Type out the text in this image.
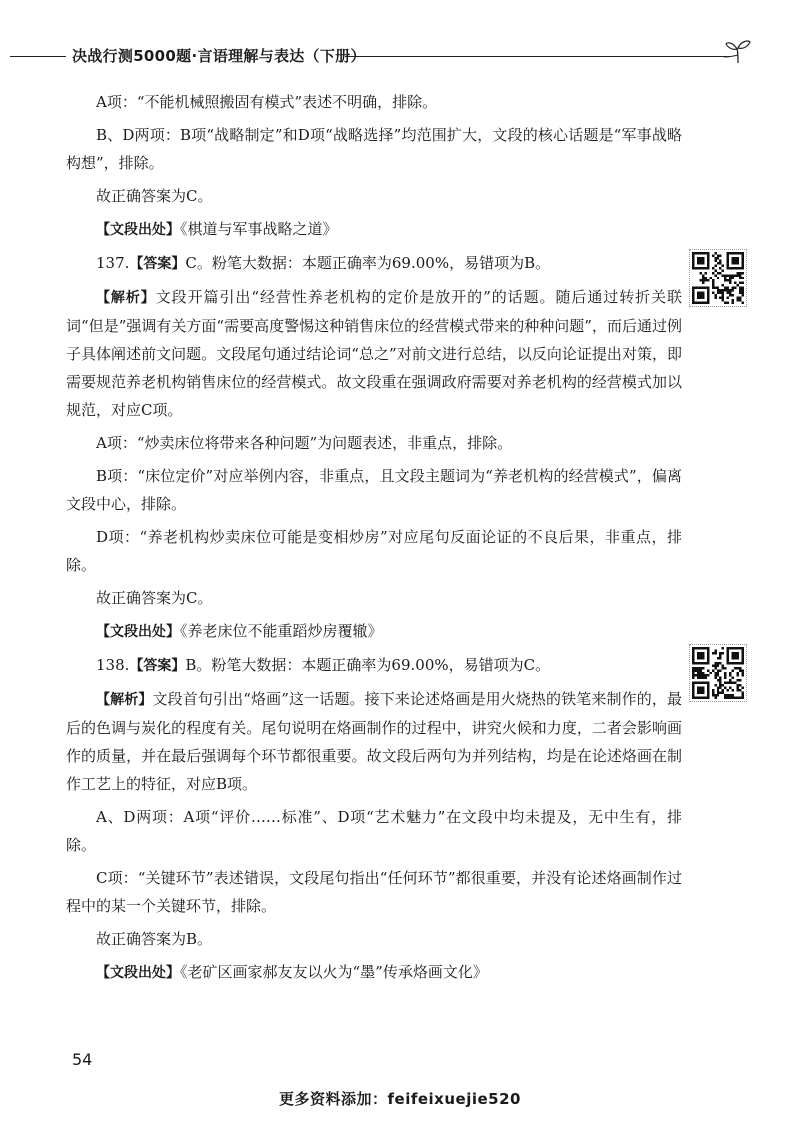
决战行测5000题·言语理解与表达（下册）

A项：“不能机械照搬固有模式”表述不明确，排除。

B、D两项：B项“战略制定”和D项“战略选择”均范围扩大，文段的核心话题是“军事战略构想”，排除。

故正确答案为C。

【文段出处】《棋道与军事战略之道》

137.【答案】C。粉笔大数据：本题正确率为69.00%，易错项为B。

【解析】文段开篇引出“经营性养老机构的定价是放开的”的话题。随后通过转折关联词“但是”强调有关方面“需要高度警惕这种销售床位的经营模式带来的种种问题”，而后通过例子具体阐述前文问题。文段尾句通过结论词“总之”对前文进行总结，以反向论证提出对策，即需要规范养老机构销售床位的经营模式。故文段重在强调政府需要对养老机构的经营模式加以规范，对应C项。

A项：“炒卖床位将带来各种问题”为问题表述，非重点，排除。

B项：“床位定价”对应举例内容，非重点，且文段主题词为“养老机构的经营模式”，偏离文段中心，排除。

D项：“养老机构炒卖床位可能是变相炒房”对应尾句反面论证的不良后果，非重点，排除。

故正确答案为C。

【文段出处】《养老床位不能重蹈炒房覆辙》

138.【答案】B。粉笔大数据：本题正确率为69.00%，易错项为C。

【解析】文段首句引出“烙画”这一话题。接下来论述烙画是用火烧热的铁笔来制作的，最后的色调与炭化的程度有关。尾句说明在烙画制作的过程中，讲究火候和力度，二者会影响画作的质量，并在最后强调每个环节都很重要。故文段后两句为并列结构，均是在论述烙画在制作工艺上的特征，对应B项。

A、D两项：A项“评价……标准”、D项“艺术魅力”在文段中均未提及，无中生有，排除。

C项：“关键环节”表述错误，文段尾句指出“任何环节”都很重要，并没有论述烙画制作过程中的某一个关键环节，排除。

故正确答案为B。

【文段出处】《老矿区画家郝友友以火为“墨”传承烙画文化》

54
更多资料添加：feifeixuejie520
